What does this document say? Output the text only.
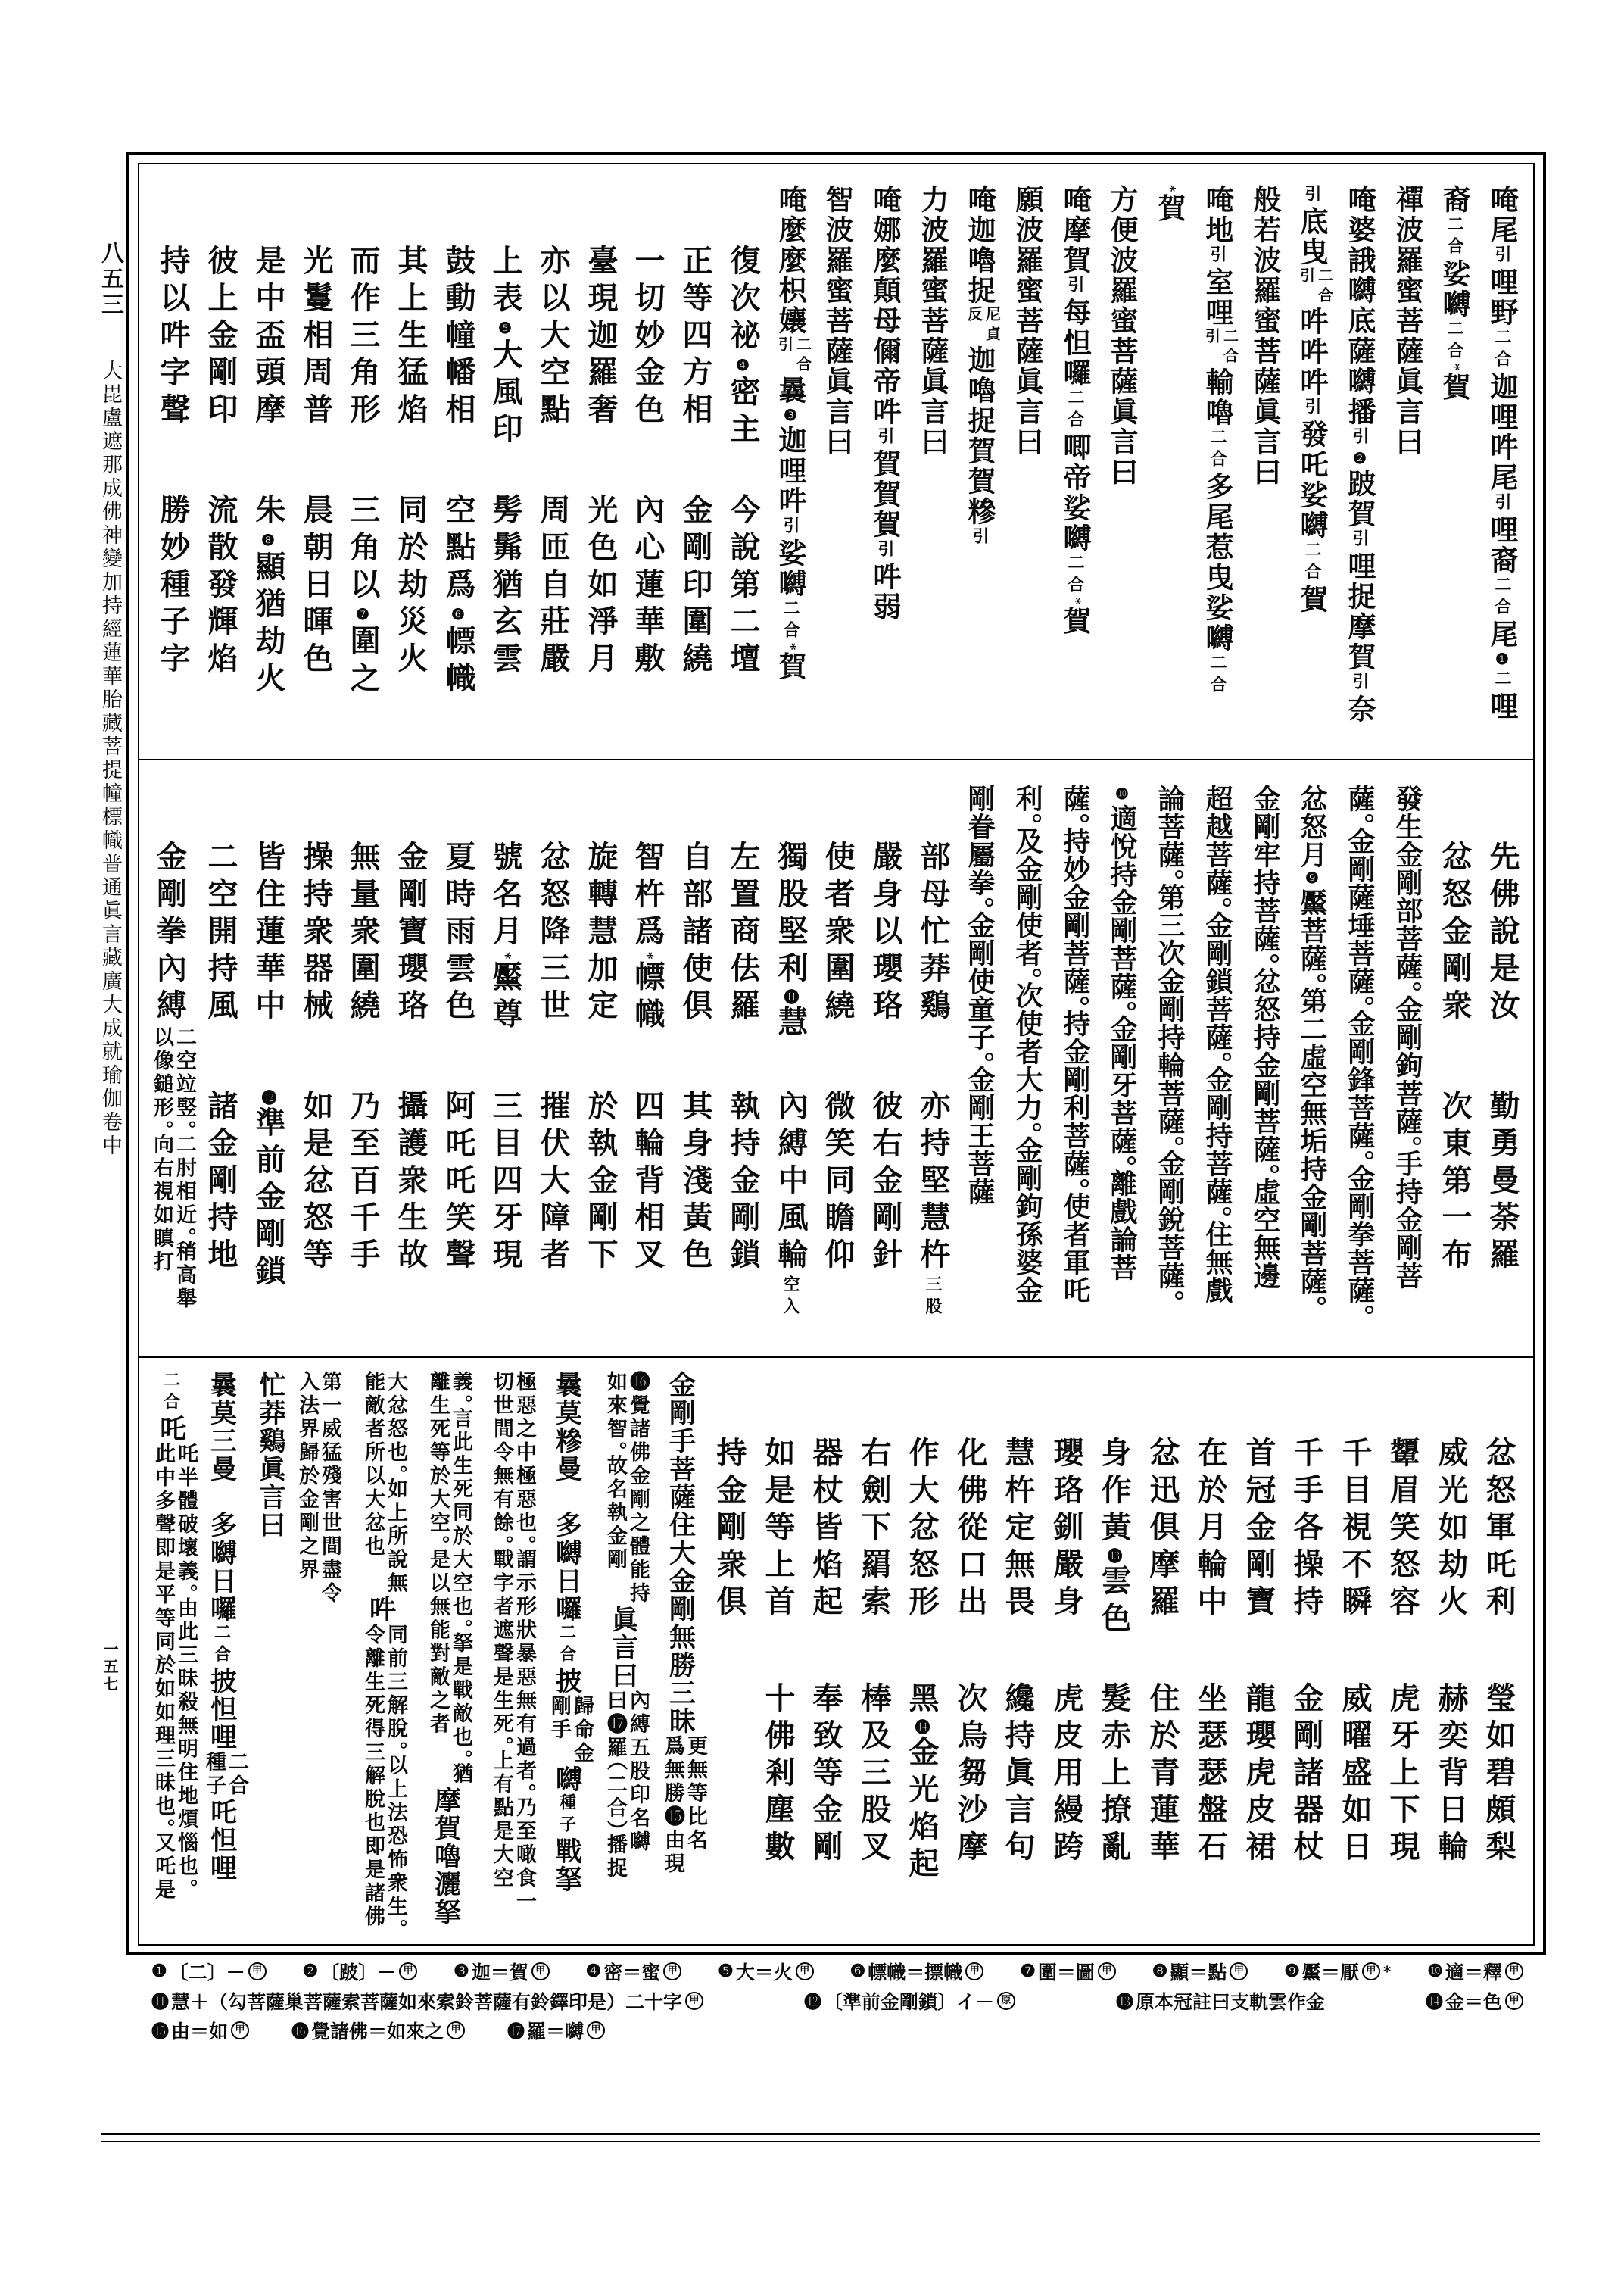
八五三
大毘盧遮那成佛神變加持經蓮華胎藏菩提幢標幟普通眞言藏廣大成就瑜伽卷中
一五七
唵尾引哩野二合迦哩吽尾引哩裔二合尾❶二哩
裔二合娑嚩二合*賀
禪波羅蜜菩薩眞言曰
唵婆誐嚩底薩嚩播引❷跛賀引哩捉摩賀引奈
引底曳
二合
引
吽吽吽引發吒娑嚩二合賀
般若波羅蜜菩薩眞言曰
唵地引室哩
二合
引
輸嚕二合多尾惹曳娑嚩二合
*賀
方便波羅蜜菩薩眞言曰
唵摩賀引每怛囉二合唧帝娑嚩二合*賀
願波羅蜜菩薩眞言曰
唵迦嚕捉
尼貞
反
迦嚕捉賀賀糝引
力波羅蜜菩薩眞言曰
唵娜麼顛母儞帝吽引賀賀賀引吽弱
智波羅蜜菩薩眞言曰
唵麼麼枳孃
二合
引
曩❸迦哩吽引娑嚩二合*賀
復次祕❹密主
今說第二壇
正等四方相
金剛印圍繞
一切妙金色
內心蓮華敷
臺現迦羅奢
光色如淨月
亦以大空點
周匝自莊嚴
上表❺大風印
髣髴猶玄雲
鼓動幢幡相
空點爲❻幖幟
其上生猛焰
同於劫災火
而作三角形
三角以❼圍之
光鬘相周普
晨朝日暉色
是中盃頭摩
朱❽顯猶劫火
彼上金剛印
流散發輝焰
持以吽字聲
勝妙種子字
先佛說是汝
勤勇曼荼羅
忿怒金剛衆
次東第一布
發生金剛部菩薩。金剛鉤菩薩。手持金剛菩
薩。金剛薩埵菩薩。金剛鋒菩薩。金剛拳菩薩。
忿怒月❾黶菩薩。第二虛空無垢持金剛菩薩。
金剛牢持菩薩。忿怒持金剛菩薩。虛空無邊
超越菩薩。金剛鎖菩薩。金剛持菩薩。住無戲
論菩薩。第三次金剛持輪菩薩。金剛銳菩薩。
❿適悅持金剛菩薩。金剛牙菩薩。離戲論菩
薩。持妙金剛菩薩。持金剛利菩薩。使者軍吒
利。及金剛使者。次使者大力。金剛鉤孫婆金
剛眷屬拳。金剛使童子。金剛王菩薩
部母忙莽鷄
亦持堅慧杵三股
嚴身以瓔珞
彼右金剛針
使者衆圍繞
微笑同瞻仰
獨股堅利⓫慧
內縛中風輪空入
左置商佉羅
執持金剛鎖
自部諸使俱
其身淺黃色
智杵爲*幖幟
四輪背相叉
旋轉慧加定
於執金剛下
忿怒降三世
摧伏大障者
號名月*黶尊
三目四牙現
夏時雨雲色
阿吒吒笑聲
金剛寶瓔珞
攝護衆生故
無量衆圍繞
乃至百千手
操持衆器械
如是忿怒等
皆住蓮華中
⓬準前金剛鎖
二空開持風
諸金剛持地
金剛拳內縛
二空竝竪。二肘相近。稍高舉
以像鎚形。向右視如瞋打
忿怒軍吒利
瑩如碧頗梨
威光如劫火
赫奕背日輪
顰眉笑怒容
虎牙上下現
千目視不瞬
威曜盛如日
千手各操持
金剛諸器杖
首冠金剛寶
龍瓔虎皮裙
在於月輪中
坐瑟瑟盤石
忿迅俱摩羅
住於青蓮華
身作黃⓭雲色
髮赤上撩亂
瓔珞釧嚴身
虎皮用縵跨
慧杵定無畏
纔持眞言句
化佛從口出
次烏芻沙摩
作大忿怒形
黑⓮金光焰起
右劍下羂索
棒及三股叉
器杖皆焰起
奉致等金剛
如是等上首
十佛剎塵數
持金剛衆俱
金剛手菩薩住大金剛無勝三昧
更無等比名
爲無勝⓯由現
⓰覺諸佛金剛之體能持
如來智。故名執金剛
眞言曰
內縛五股印名嚩
曰⓱羅（二合）播捉
曩莫糝曼　多嚩日囉二合披
歸命金
剛手
嚩種子戰拏
極惡之中極惡也。謂示形狀暴惡無有過者。乃至噉食一
切世間令無有餘。戰字者遮聲是生死。上有點是大空
義。言此生死同於大空也。拏是戰敵也。猶
離生死等於大空。是以無能對敵之者
摩賀嚕灑拏
大忿怒也。如上所說無
能敵者所以大忿也
吽
同前三解脫。以上法恐怖衆生。
令離生死得三解脫也即是諸佛
第一威猛殘害世間盡令
入法界歸於金剛之界
忙莽鷄眞言曰
曩莫三曼　多嚩日囉二合披怛哩
二合
種子
吒怛哩
二合吒
吒半體破壞義。由此三昧殺無明住地煩惱也。
此中多聲即是平等同於如如理三昧也。又吒是
❶ 〔二〕－ 甲 ❷ 〔跛〕－ 甲 ❸ 迦＝賀 甲 ❹ 密＝蜜 甲 ❺ 大＝火 甲 ❻ 幖幟＝摽幟 甲 ❼ 圍＝圖 甲 ❽ 顯＝點 甲 ❾ 黶＝厭 甲 * ❿ 適＝釋 甲
⓫ 慧＋（勾菩薩巢菩薩索菩薩如來索鈴菩薩有鈴鐸印是）二十字 甲	⓬ 〔準前金剛鎖〕イ－ 原	⓭ 原本冠註曰支軌雲作金	⓮ 金＝色 甲
⓯ 由＝如 甲	⓰ 覺諸佛＝如來之 甲	⓱ 羅＝嚩 甲
